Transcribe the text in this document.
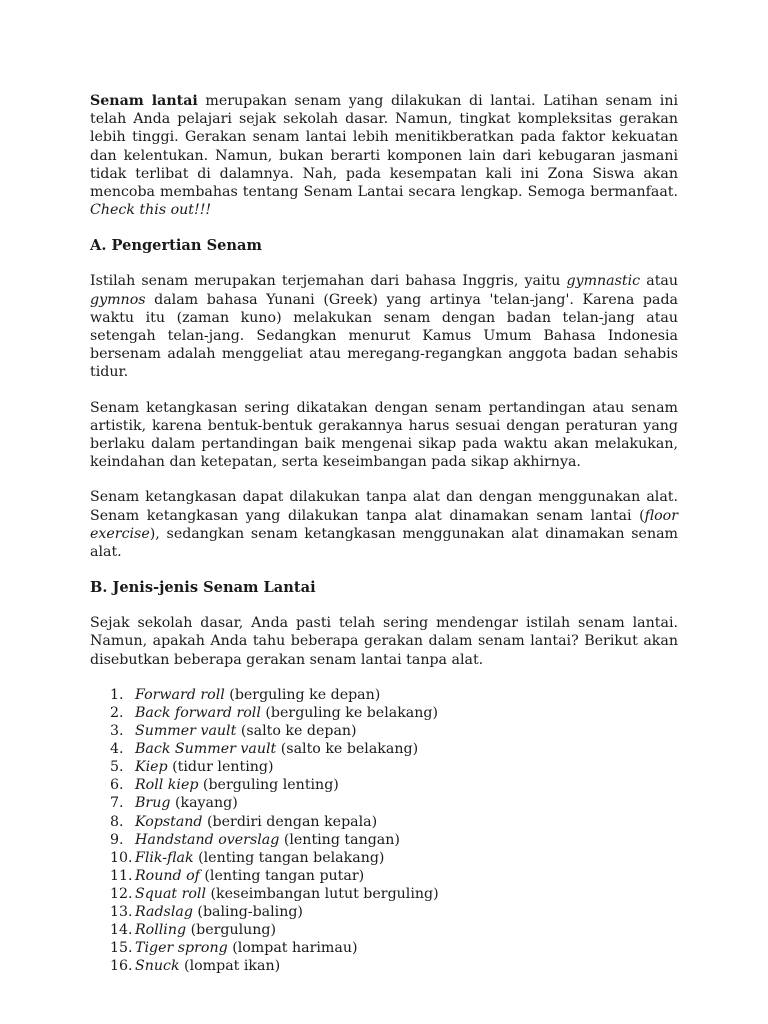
Senam lantai merupakan senam yang dilakukan di lantai. Latihan senam ini telah Anda pelajari sejak sekolah dasar. Namun, tingkat kompleksitas gerakan lebih tinggi. Gerakan senam lantai lebih menitikberatkan pada faktor kekuatan dan kelentukan. Namun, bukan berarti komponen lain dari kebugaran jasmani tidak terlibat di dalamnya. Nah, pada kesempatan kali ini Zona Siswa akan mencoba membahas tentang Senam Lantai secara lengkap. Semoga bermanfaat. Check this out!!!

A. Pengertian Senam

Istilah senam merupakan terjemahan dari bahasa Inggris, yaitu gymnastic atau gymnos dalam bahasa Yunani (Greek) yang artinya 'telan-jang'. Karena pada waktu itu (zaman kuno) melakukan senam dengan badan telan-jang atau setengah telan-jang. Sedangkan menurut Kamus Umum Bahasa Indonesia bersenam adalah menggeliat atau meregang-regangkan anggota badan sehabis tidur.

Senam ketangkasan sering dikatakan dengan senam pertandingan atau senam artistik, karena bentuk-bentuk gerakannya harus sesuai dengan peraturan yang berlaku dalam pertandingan baik mengenai sikap pada waktu akan melakukan, keindahan dan ketepatan, serta keseimbangan pada sikap akhirnya.

Senam ketangkasan dapat dilakukan tanpa alat dan dengan menggunakan alat. Senam ketangkasan yang dilakukan tanpa alat dinamakan senam lantai (floor exercise), sedangkan senam ketangkasan menggunakan alat dinamakan senam alat.

B. Jenis-jenis Senam Lantai

Sejak sekolah dasar, Anda pasti telah sering mendengar istilah senam lantai. Namun, apakah Anda tahu beberapa gerakan dalam senam lantai? Berikut akan disebutkan beberapa gerakan senam lantai tanpa alat.

1. Forward roll (berguling ke depan)
2. Back forward roll (berguling ke belakang)
3. Summer vault (salto ke depan)
4. Back Summer vault (salto ke belakang)
5. Kiep (tidur lenting)
6. Roll kiep (berguling lenting)
7. Brug (kayang)
8. Kopstand (berdiri dengan kepala)
9. Handstand overslag (lenting tangan)
10. Flik-flak (lenting tangan belakang)
11. Round of (lenting tangan putar)
12. Squat roll (keseimbangan lutut berguling)
13. Radslag (baling-baling)
14. Rolling (bergulung)
15. Tiger sprong (lompat harimau)
16. Snuck (lompat ikan)
